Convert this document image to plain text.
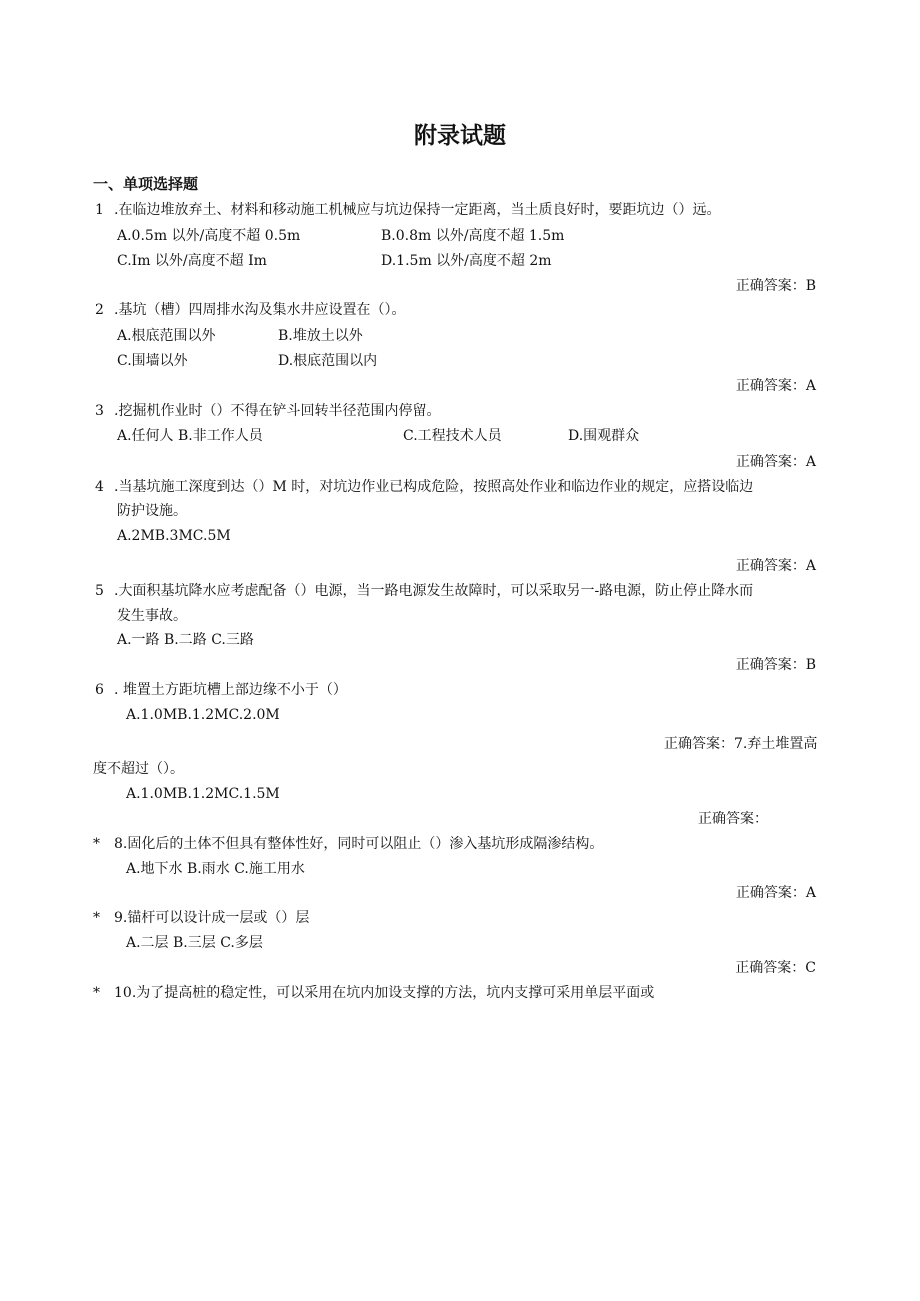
附录试题
一、单项选择题
1 .在临边堆放弃土、材料和移动施工机械应与坑边保持一定距离，当土质良好时，要距坑边（）远。
A.0.5m 以外/高度不超 0.5m	B.0.8m 以外/高度不超 1.5m
C.Im 以外/高度不超 Im	D.1.5m 以外/高度不超 2m
正确答案：B
2 .基坑（槽）四周排水沟及集水井应设置在（）。
A.根底范围以外	B.堆放土以外
C.围墙以外	D.根底范围以内
正确答案：A
3 .挖掘机作业时（）不得在铲斗回转半径范围内停留。
A.任何人 B.非工作人员	C.工程技术人员	D.围观群众
正确答案：A
4 .当基坑施工深度到达（）M 时，对坑边作业已构成危险，按照高处作业和临边作业的规定，应搭设临边
防护设施。
A.2MB.3MC.5M
正确答案：A
5 .大面积基坑降水应考虑配备（）电源，当一路电源发生故障时，可以采取另一-路电源，防止停止降水而
发生事故。
A.一路 B.二路 C.三路
正确答案：B
6 . 堆置土方距坑槽上部边缘不小于（）
A.1.0MB.1.2MC.2.0M
正确答案：7.弃土堆置高
度不超过（）。
A.1.0MB.1.2MC.1.5M
正确答案：
* 8.固化后的土体不但具有整体性好，同时可以阻止（）渗入基坑形成隔渗结构。
A.地下水 B.雨水 C.施工用水
正确答案：A
* 9.锚杆可以设计成一层或（）层
A.二层 B.三层 C.多层
正确答案：C
* 10.为了提高桩的稳定性，可以采用在坑内加设支撑的方法，坑内支撑可采用单层平面或
